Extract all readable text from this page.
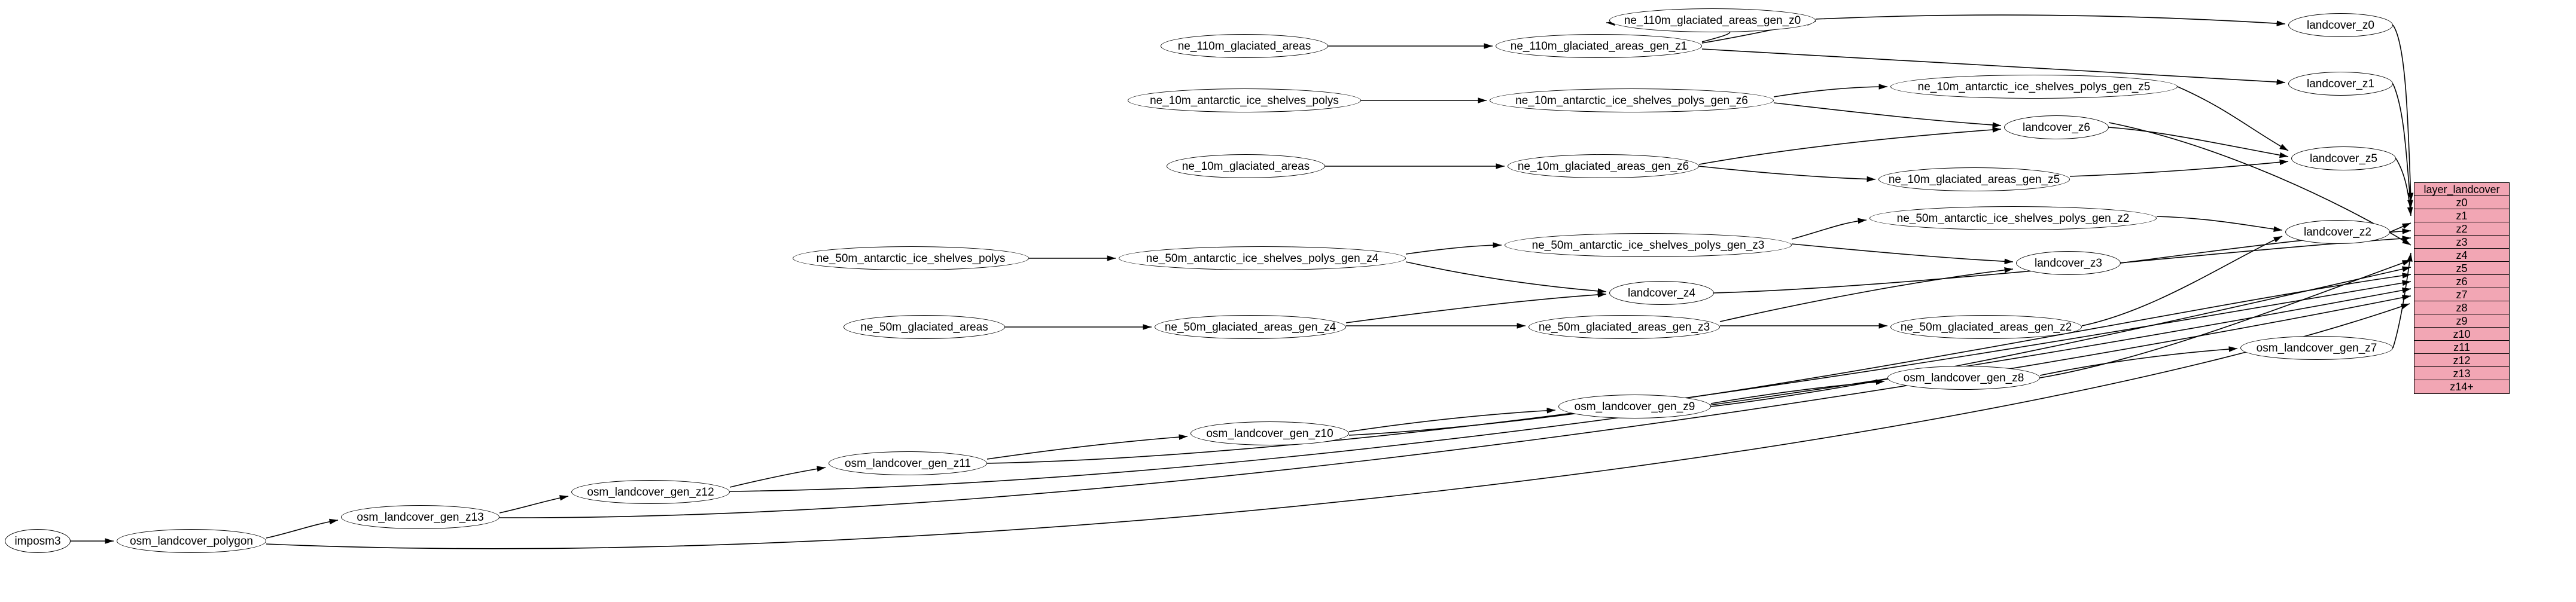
imposm3	osm_landcover_polygon
osm_landcover_gen_z13
osm_landcover_gen_z12
osm_landcover_gen_z11
osm_landcover_gen_z10
osm_landcover_gen_z9
osm_landcover_gen_z8
osm_landcover_gen_z7
ne_110m_glaciated_areas	ne_110m_glaciated_areas_gen_z1
ne_110m_glaciated_areas_gen_z0
ne_10m_antarctic_ice_shelves_polys	ne_10m_antarctic_ice_shelves_polys_gen_z6
ne_10m_antarctic_ice_shelves_polys_gen_z5
ne_10m_glaciated_areas	ne_10m_glaciated_areas_gen_z6
ne_10m_glaciated_areas_gen_z5
ne_50m_antarctic_ice_shelves_polys	ne_50m_antarctic_ice_shelves_polys_gen_z4
ne_50m_antarctic_ice_shelves_polys_gen_z3
ne_50m_antarctic_ice_shelves_polys_gen_z2
ne_50m_glaciated_areas	ne_50m_glaciated_areas_gen_z4	ne_50m_glaciated_areas_gen_z3	ne_50m_glaciated_areas_gen_z2
landcover_z0
landcover_z1
landcover_z6
landcover_z5
landcover_z2
landcover_z3
landcover_z4
layer_landcover
z0
z1
z2
z3
z4
z5
z6
z7
z8
z9
z10
z11
z12
z13
z14+
